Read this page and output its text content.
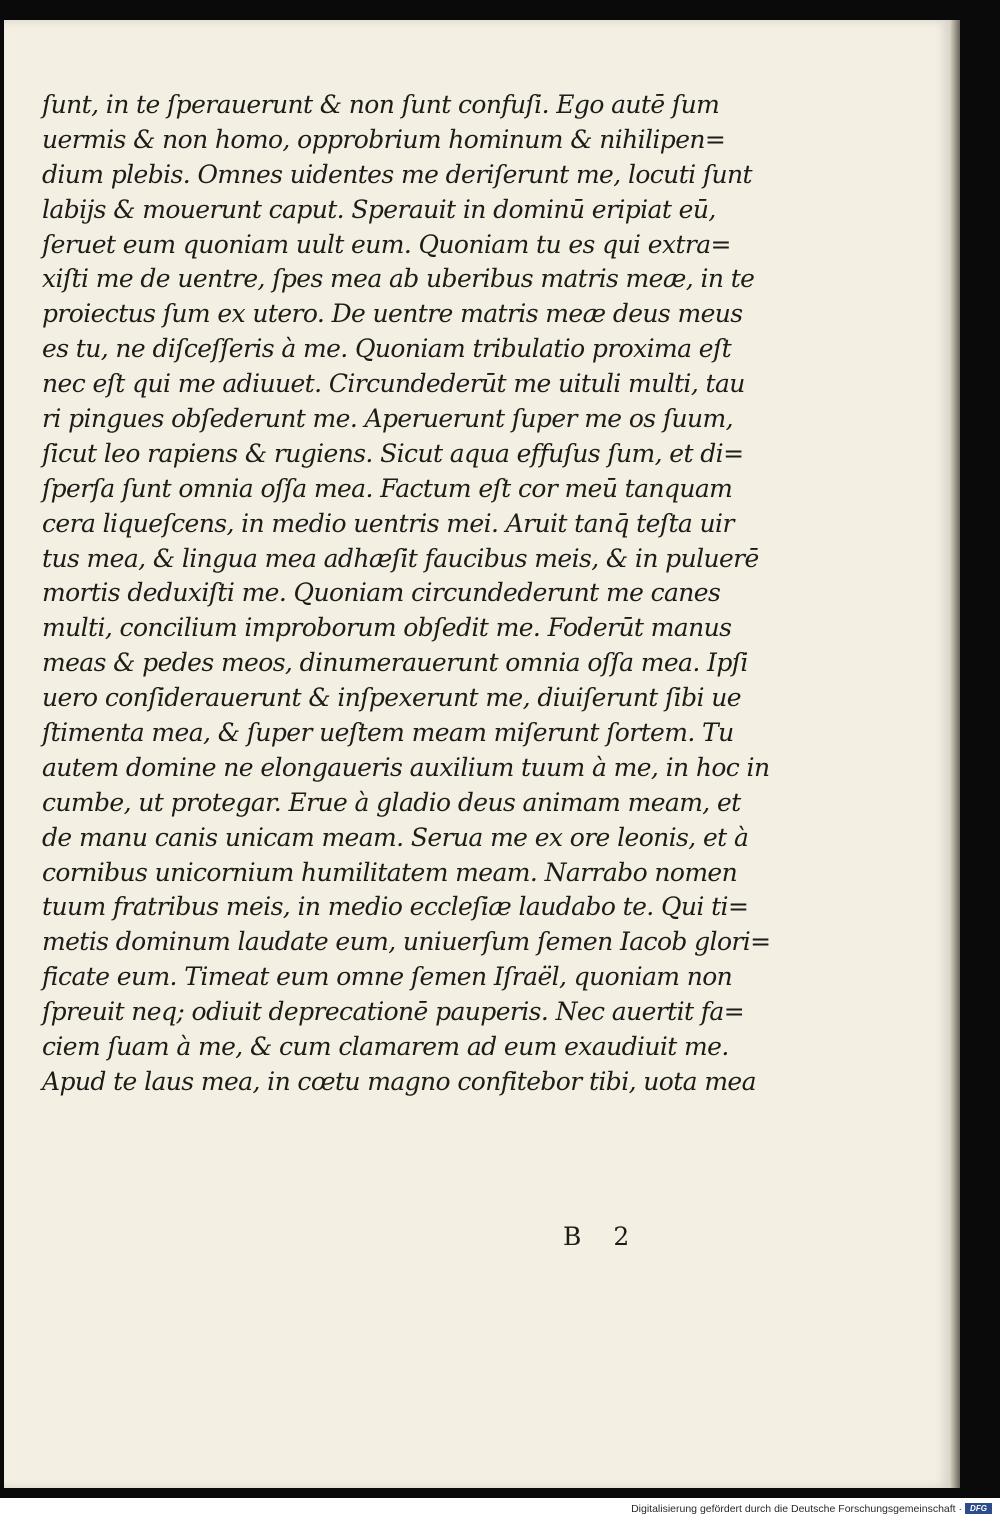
ſunt, in te ſperauerunt & non ſunt confuſi. Ego autē ſum
uermis & non homo, opprobrium hominum & nihilipen=
dium plebis. Omnes uidentes me deriſerunt me, locuti ſunt
labijs & mouerunt caput. Sperauit in dominū eripiat eū,
ſeruet eum quoniam uult eum. Quoniam tu es qui extra=
xiſti me de uentre, ſpes mea ab uberibus matris meæ, in te
proiectus ſum ex utero. De uentre matris meæ deus meus
es tu, ne diſceſſeris à me. Quoniam tribulatio proxima eſt
nec eſt qui me adiuuet. Circundederūt me uituli multi, tau
ri pingues obſederunt me. Aperuerunt ſuper me os ſuum,
ſicut leo rapiens & rugiens. Sicut aqua effuſus ſum, et di=
ſperſa ſunt omnia oſſa mea. Factum eſt cor meū tanquam
cera liqueſcens, in medio uentris mei. Aruit tanq̄ teſta uir
tus mea, & lingua mea adhæſit faucibus meis, & in puluerē
mortis deduxiſti me. Quoniam circundederunt me canes
multi, concilium improborum obſedit me. Foderūt manus
meas & pedes meos, dinumerauerunt omnia oſſa mea. Ipſi
uero conſiderauerunt & inſpexerunt me, diuiſerunt ſibi ue
ſtimenta mea, & ſuper ueſtem meam miſerunt ſortem. Tu
autem domine ne elongaueris auxilium tuum à me, in hoc in
cumbe, ut protegar. Erue à gladio deus animam meam, et
de manu canis unicam meam. Serua me ex ore leonis, et à
cornibus unicornium humilitatem meam. Narrabo nomen
tuum fratribus meis, in medio eccleſiæ laudabo te. Qui ti=
metis dominum laudate eum, uniuerſum ſemen Iacob glori=
ficate eum. Timeat eum omne ſemen Iſraël, quoniam non
ſpreuit neq; odiuit deprecationē pauperis. Nec auertit fa=
ciem ſuam à me, & cum clamarem ad eum exaudiuit me.
Apud te laus mea, in cœtu magno confitebor tibi, uota mea
B 2
Digitalisierung gefördert durch die Deutsche Forschungsgemeinschaft ·	DFG
